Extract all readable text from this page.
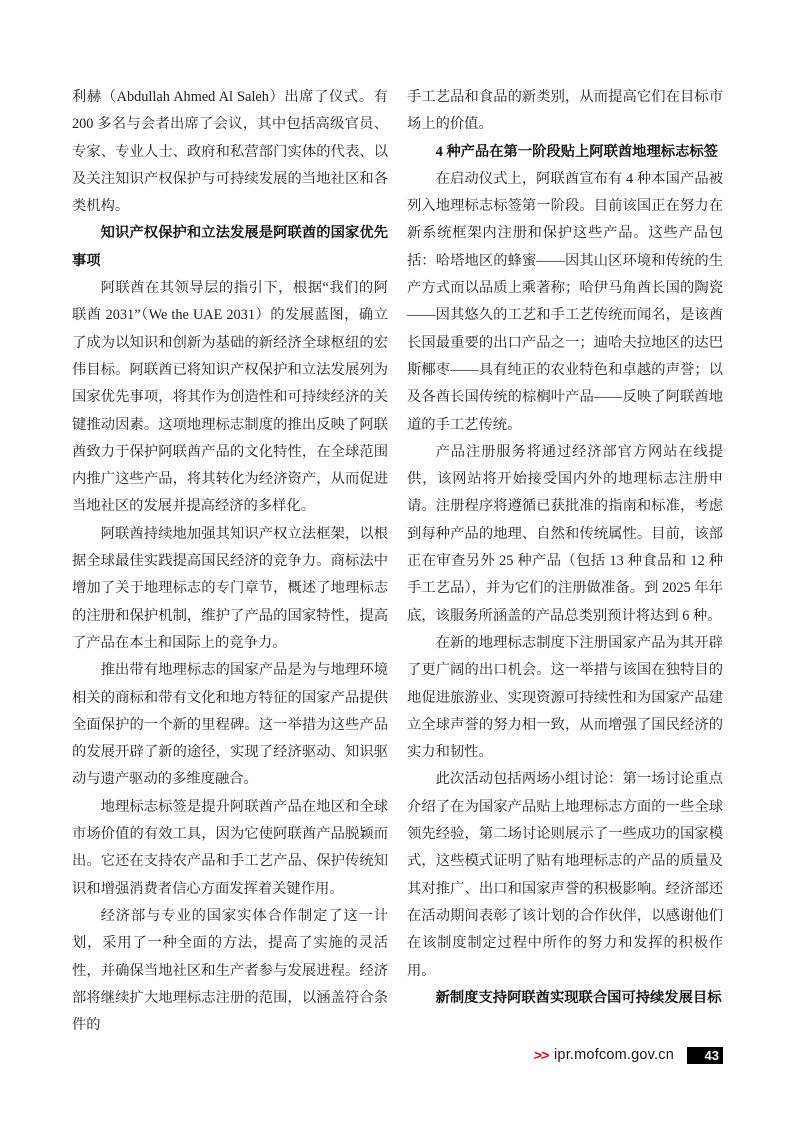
利赫（Abdullah Ahmed Al Saleh）出席了仪式。有 200 多名与会者出席了会议，其中包括高级官员、专家、专业人士、政府和私营部门实体的代表、以及关注知识产权保护与可持续发展的当地社区和各类机构。

知识产权保护和立法发展是阿联酋的国家优先事项

阿联酋在其领导层的指引下，根据“我们的阿联酋 2031”（We the UAE 2031）的发展蓝图，确立了成为以知识和创新为基础的新经济全球枢纽的宏伟目标。阿联酋已将知识产权保护和立法发展列为国家优先事项，将其作为创造性和可持续经济的关键推动因素。这项地理标志制度的推出反映了阿联酋致力于保护阿联酋产品的文化特性，在全球范围内推广这些产品，将其转化为经济资产，从而促进当地社区的发展并提高经济的多样化。

阿联酋持续地加强其知识产权立法框架，以根据全球最佳实践提高国民经济的竞争力。商标法中增加了关于地理标志的专门章节，概述了地理标志的注册和保护机制，维护了产品的国家特性，提高了产品在本土和国际上的竞争力。

推出带有地理标志的国家产品是为与地理环境相关的商标和带有文化和地方特征的国家产品提供全面保护的一个新的里程碑。这一举措为这些产品的发展开辟了新的途径，实现了经济驱动、知识驱动与遗产驱动的多维度融合。

地理标志标签是提升阿联酋产品在地区和全球市场价值的有效工具，因为它使阿联酋产品脱颖而出。它还在支持农产品和手工艺产品、保护传统知识和增强消费者信心方面发挥着关键作用。

经济部与专业的国家实体合作制定了这一计划，采用了一种全面的方法，提高了实施的灵活性，并确保当地社区和生产者参与发展进程。经济部将继续扩大地理标志注册的范围，以涵盖符合条件的

手工艺品和食品的新类别，从而提高它们在目标市场上的价值。

4 种产品在第一阶段贴上阿联酋地理标志标签

在启动仪式上，阿联酋宣布有 4 种本国产品被列入地理标志标签第一阶段。目前该国正在努力在新系统框架内注册和保护这些产品。这些产品包括：哈塔地区的蜂蜜——因其山区环境和传统的生产方式而以品质上乘著称；哈伊马角酋长国的陶瓷——因其悠久的工艺和手工艺传统而闻名，是该酋长国最重要的出口产品之一；迪哈夫拉地区的达巴斯椰枣——具有纯正的农业特色和卓越的声誉；以及各酋长国传统的棕榈叶产品——反映了阿联酋地道的手工艺传统。

产品注册服务将通过经济部官方网站在线提供，该网站将开始接受国内外的地理标志注册申请。注册程序将遵循已获批准的指南和标准，考虑到每种产品的地理、自然和传统属性。目前，该部正在审查另外 25 种产品（包括 13 种食品和 12 种手工艺品），并为它们的注册做准备。到 2025 年年底，该服务所涵盖的产品总类别预计将达到 6 种。

在新的地理标志制度下注册国家产品为其开辟了更广阔的出口机会。这一举措与该国在独特目的地促进旅游业、实现资源可持续性和为国家产品建立全球声誉的努力相一致，从而增强了国民经济的实力和韧性。

此次活动包括两场小组讨论：第一场讨论重点介绍了在为国家产品贴上地理标志方面的一些全球领先经验，第二场讨论则展示了一些成功的国家模式，这些模式证明了贴有地理标志的产品的质量及其对推广、出口和国家声誉的积极影响。经济部还在活动期间表彰了该计划的合作伙伴，以感谢他们在该制度制定过程中所作的努力和发挥的积极作用。

新制度支持阿联酋实现联合国可持续发展目标

>> ipr.mofcom.gov.cn	43
